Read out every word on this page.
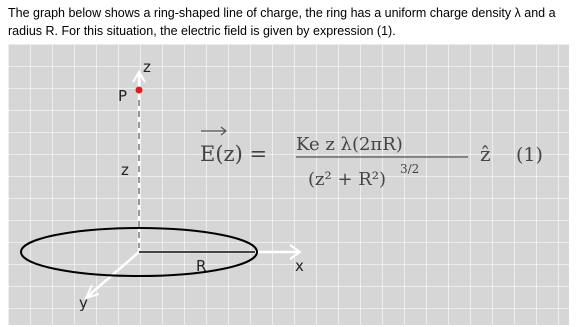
The graph below shows a ring-shaped line of charge, the ring has a uniform charge density λ and a radius R. For this situation, the electric field is given by expression (1).
z
P
z
R	x
y
E(z) = Ke z λ(2πR)
(z² + R²) 3/2
ẑ (1)
